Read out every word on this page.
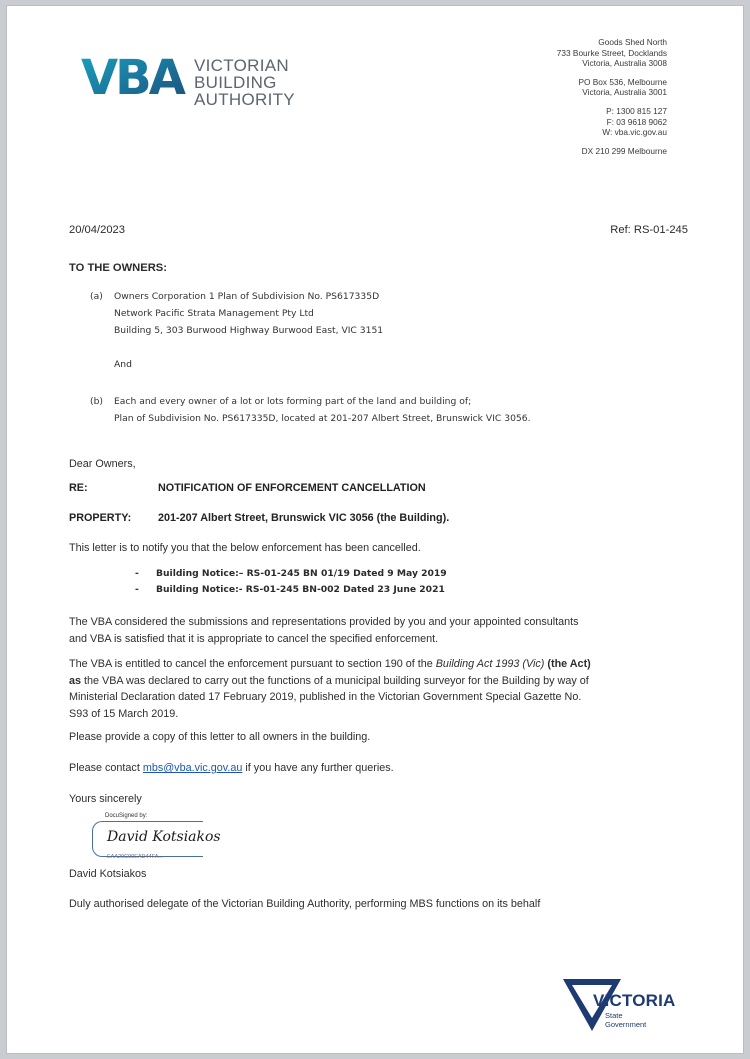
VBA VICTORIAN
BUILDING
AUTHORITY
Goods Shed North
733 Bourke Street, Docklands
Victoria, Australia 3008
PO Box 536, Melbourne
Victoria, Australia 3001
P: 1300 815 127
F: 03 9618 9062
W: vba.vic.gov.au
DX 210 299 Melbourne
20/04/2023	Ref: RS-01-245
TO THE OWNERS:
(a) Owners Corporation 1 Plan of Subdivision No. PS617335D
Network Pacific Strata Management Pty Ltd
Building 5, 303 Burwood Highway Burwood East, VIC 3151
And
(b) Each and every owner of a lot or lots forming part of the land and building of;
Plan of Subdivision No. PS617335D, located at 201-207 Albert Street, Brunswick VIC 3056.
Dear Owners,
RE:	NOTIFICATION OF ENFORCEMENT CANCELLATION
PROPERTY: 201-207 Albert Street, Brunswick VIC 3056 (the Building).
This letter is to notify you that the below enforcement has been cancelled.
- Building Notice:– RS-01-245 BN 01/19 Dated 9 May 2019
- Building Notice:- RS-01-245 BN-002 Dated 23 June 2021
The VBA considered the submissions and representations provided by you and your appointed consultants
and VBA is satisfied that it is appropriate to cancel the specified enforcement.
The VBA is entitled to cancel the enforcement pursuant to section 190 of the Building Act 1993 (Vic) (the Act)
as the VBA was declared to carry out the functions of a municipal building surveyor for the Building by way of
Ministerial Declaration dated 17 February 2019, published in the Victorian Government Special Gazette No.
S93 of 15 March 2019.
Please provide a copy of this letter to all owners in the building.
Please contact mbs@vba.vic.gov.au if you have any further queries.
Yours sincerely
DocuSigned by:
David Kotsiakos
EAA20C99EAD44FA...
David Kotsiakos
Duly authorised delegate of the Victorian Building Authority, performing MBS functions on its behalf
VICTORIA
State
Government
